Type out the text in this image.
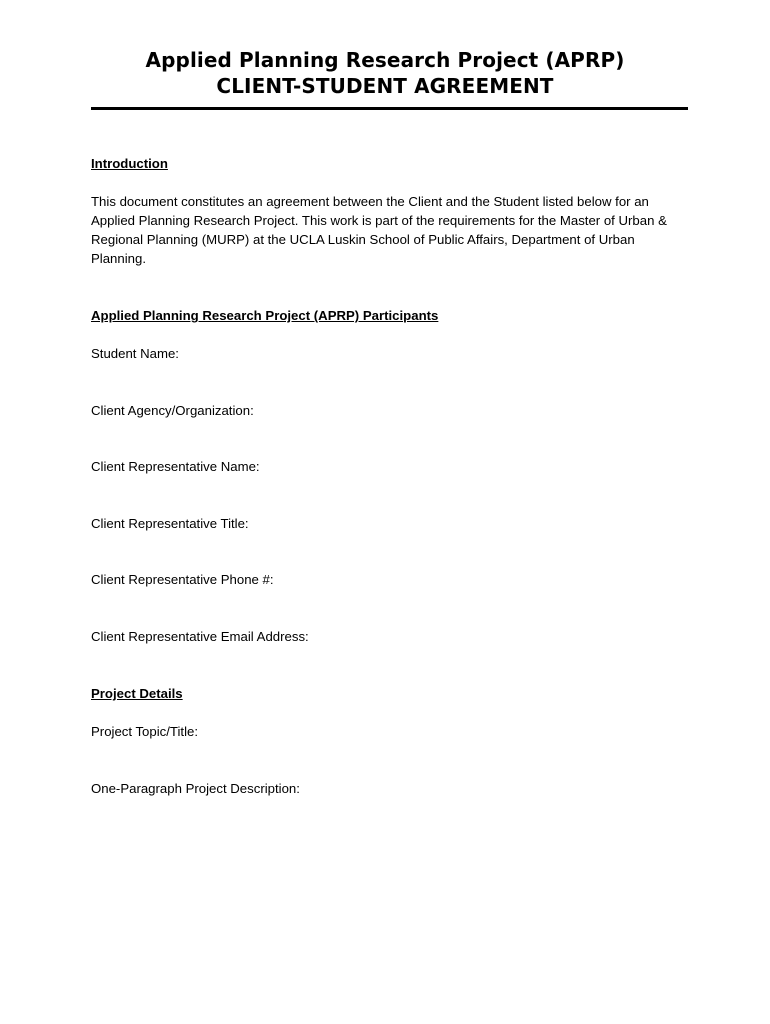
Applied Planning Research Project (APRP)
CLIENT-STUDENT AGREEMENT
Introduction

This document constitutes an agreement between the Client and the Student listed below for an Applied Planning Research Project. This work is part of the requirements for the Master of Urban & Regional Planning (MURP) at the UCLA Luskin School of Public Affairs, Department of Urban Planning.

Applied Planning Research Project (APRP) Participants
Student Name:
Client Agency/Organization:
Client Representative Name:
Client Representative Title:
Client Representative Phone #:
Client Representative Email Address:
Project Details
Project Topic/Title:
One-Paragraph Project Description:
